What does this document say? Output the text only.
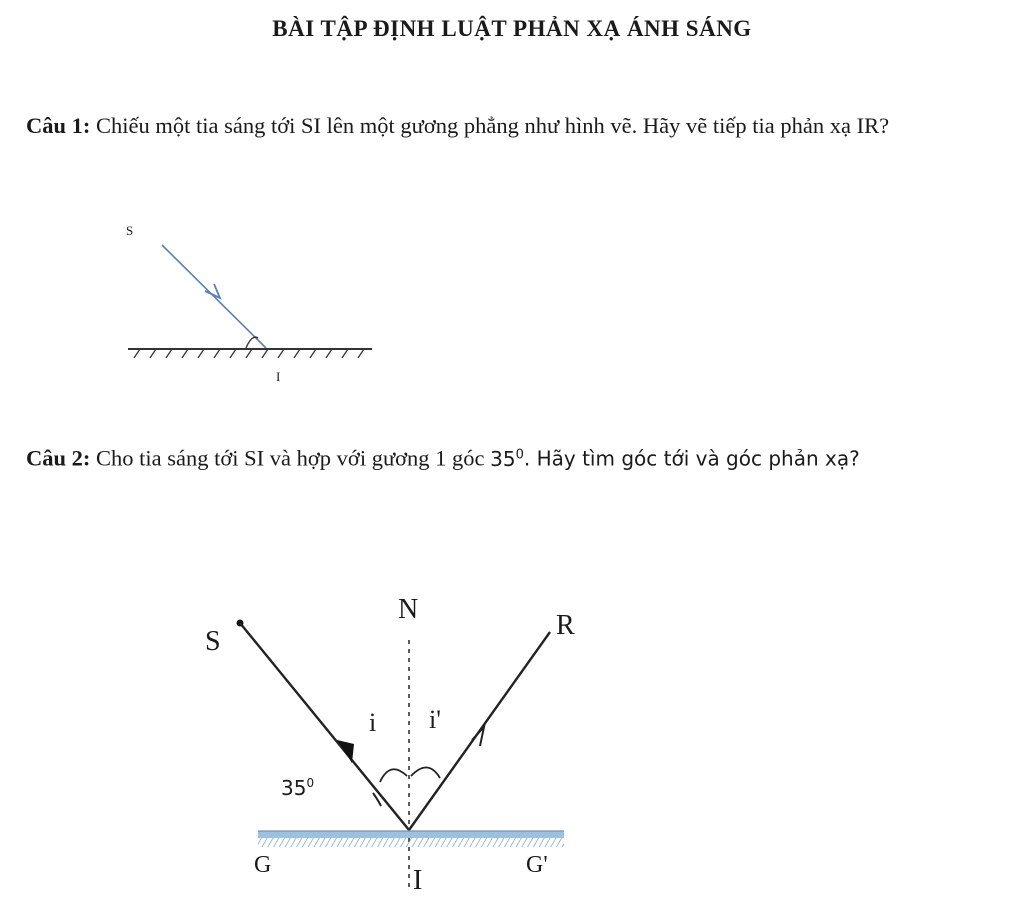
BÀI TẬP ĐỊNH LUẬT PHẢN XẠ ÁNH SÁNG
Câu 1: Chiếu một tia sáng tới SI lên một gương phẳng như hình vẽ. Hãy vẽ tiếp tia phản xạ IR?
Câu 2: Cho tia sáng tới SI và hợp với gương 1 góc $35^0$. Hãy tìm góc tới và góc phản xạ?
S
I
S
N
R
i i'
$35^0$
G	I	G'
